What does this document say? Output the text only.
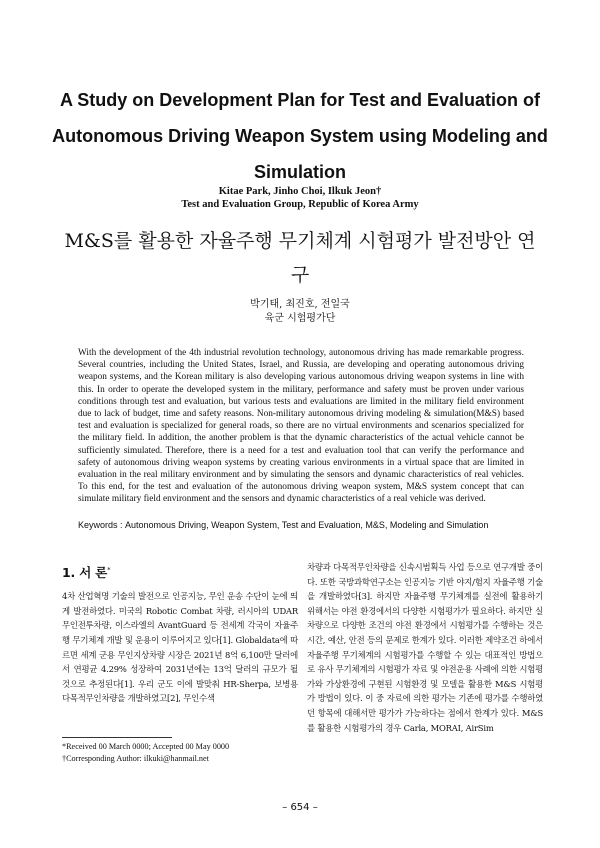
A Study on Development Plan for Test and Evaluation of Autonomous Driving Weapon System using Modeling and Simulation
Kitae Park, Jinho Choi, Ilkuk Jeon†
Test and Evaluation Group, Republic of Korea Army
M&S를 활용한 자율주행 무기체계 시험평가 발전방안 연구
박기태, 최진호, 전일국
육군 시험평가단
With the development of the 4th industrial revolution technology, autonomous driving has made remarkable progress. Several countries, including the United States, Israel, and Russia, are developing and operating autonomous driving weapon systems, and the Korean military is also developing various autonomous driving weapon systems in line with this. In order to operate the developed system in the military, performance and safety must be proven under various conditions through test and evaluation, but various tests and evaluations are limited in the military field environment due to lack of budget, time and safety reasons. Non-military autonomous driving modeling & simulation(M&S) based test and evaluation is specialized for general roads, so there are no virtual environments and scenarios specialized for the military field. In addition, the another problem is that the dynamic characteristics of the actual vehicle cannot be sufficiently simulated. Therefore, there is a need for a test and evaluation tool that can verify the performance and safety of autonomous driving weapon systems by creating various environments in a virtual space that are limited in evaluation in the real military environment and by simulating the sensors and dynamic characteristics of real vehicles. To this end, for the test and evaluation of the autonomous driving weapon system, M&S system concept that can simulate military field environment and the sensors and dynamic characteristics of a real vehicle was derived.
Keywords : Autonomous Driving, Weapon System, Test and Evaluation, M&S, Modeling and Simulation
1. 서 론*

4차 산업혁명 기술의 발전으로 인공지능, 무인 운송 수단이 눈에 띄게 발전하였다. 미국의 Robotic Combat 차량, 러시아의 UDAR 무인전투차량, 이스라엘의 AvantGuard 등 전세계 각국이 자율주행 무기체계 개발 및 운용이 이루어지고 있다[1]. Globaldata에 따르면 세계 군용 무인지상차량 시장은 2021년 8억 6,100만 달러에서 연평균 4.29% 성장하여 2031년에는 13억 달러의 규모가 될 것으로 추정된다[1]. 우리 군도 이에 발맞춰 HR-Sherpa, 보병용 다목적무인차량을 개발하였고[2], 무인수색

차량과 다목적무인차량을 신속시범획득 사업 등으로 연구개발 중이다. 또한 국방과학연구소는 인공지능 기반 야지/험지 자율주행 기술을 개발하였다[3]. 하지만 자율주행 무기체계를 실전에 활용하기 위해서는 야전 환경에서의 다양한 시험평가가 필요하다. 하지만 실 차량으로 다양한 조건의 야전 환경에서 시험평가를 수행하는 것은 시간, 예산, 안전 등의 문제로 한계가 있다. 이러한 제약조건 하에서 자율주행 무기체계의 시험평가를 수행할 수 있는 대표적인 방법으로 유사 무기체계의 시험평가 자료 및 야전운용 사례에 의한 시험평가와 가상환경에 구현된 시험환경 및 모델을 활용한 M&S 시험평가 방법이 있다. 이 중 자료에 의한 평가는 기존에 평가를 수행하였던 항목에 대해서만 평가가 가능하다는 점에서 한계가 있다. M&S를 활용한 시험평가의 경우 Carla, MORAI, AirSim

*Received 00 March 0000; Accepted 00 May 0000
†Corresponding Author: ilkuki@hanmail.net
– 654 –
